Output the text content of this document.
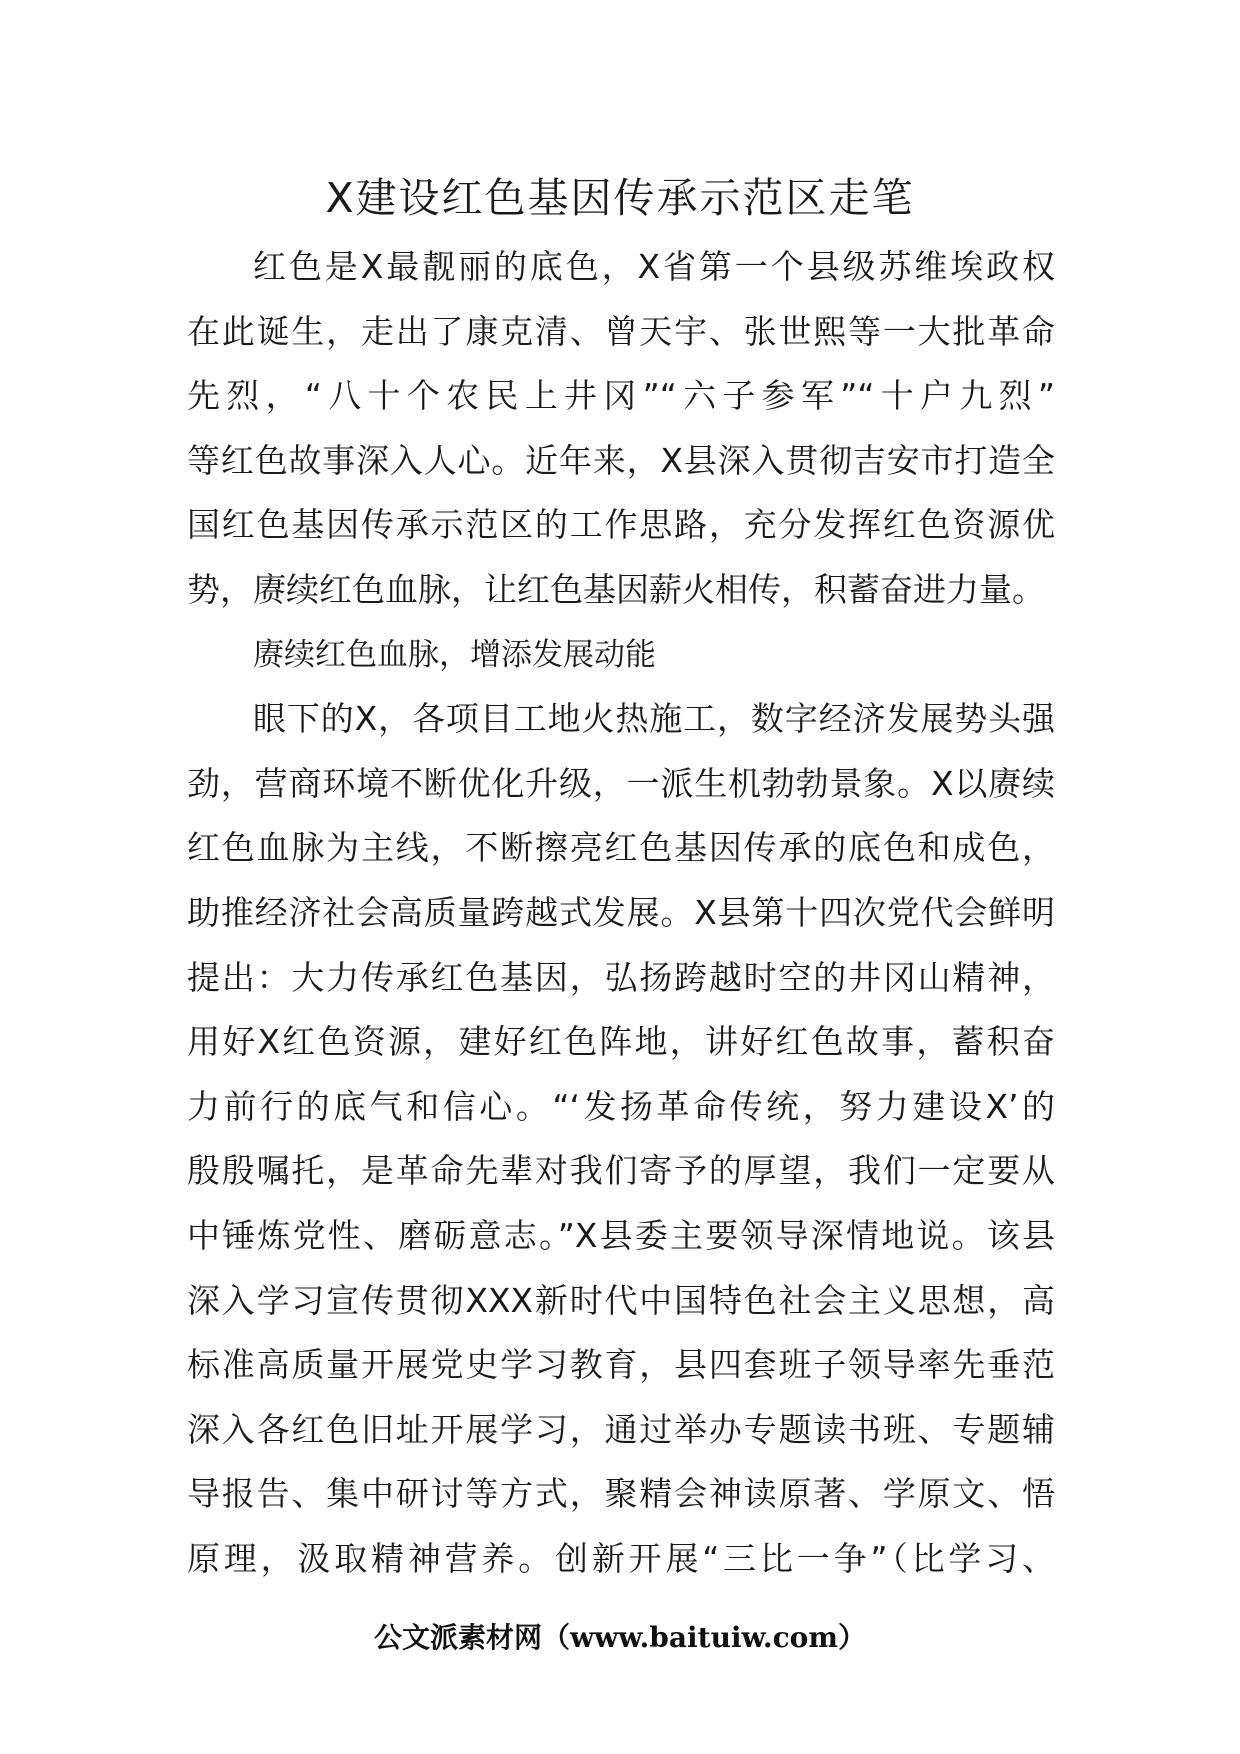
X建设红色基因传承示范区走笔
红色是X最靓丽的底色，X省第一个县级苏维埃政权
在此诞生，走出了康克清、曾天宇、张世熙等一大批革命
先烈，“八十个农民上井冈”“六子参军”“十户九烈”
等红色故事深入人心。近年来，X县深入贯彻吉安市打造全
国红色基因传承示范区的工作思路，充分发挥红色资源优
势，赓续红色血脉，让红色基因薪火相传，积蓄奋进力量。
赓续红色血脉，增添发展动能
眼下的X，各项目工地火热施工，数字经济发展势头强
劲，营商环境不断优化升级，一派生机勃勃景象。X以赓续
红色血脉为主线，不断擦亮红色基因传承的底色和成色，
助推经济社会高质量跨越式发展。X县第十四次党代会鲜明
提出：大力传承红色基因，弘扬跨越时空的井冈山精神，
用好X红色资源，建好红色阵地，讲好红色故事，蓄积奋
力前行的底气和信心。“‘发扬革命传统，努力建设X’的
殷殷嘱托，是革命先辈对我们寄予的厚望，我们一定要从
中锤炼党性、磨砺意志。”X县委主要领导深情地说。该县
深入学习宣传贯彻XXX新时代中国特色社会主义思想，高
标准高质量开展党史学习教育，县四套班子领导率先垂范
深入各红色旧址开展学习，通过举办专题读书班、专题辅
导报告、集中研讨等方式，聚精会神读原著、学原文、悟
原理，汲取精神营养。创新开展“三比一争”（比学习、
公文派素材网（www.baituiw.com）
